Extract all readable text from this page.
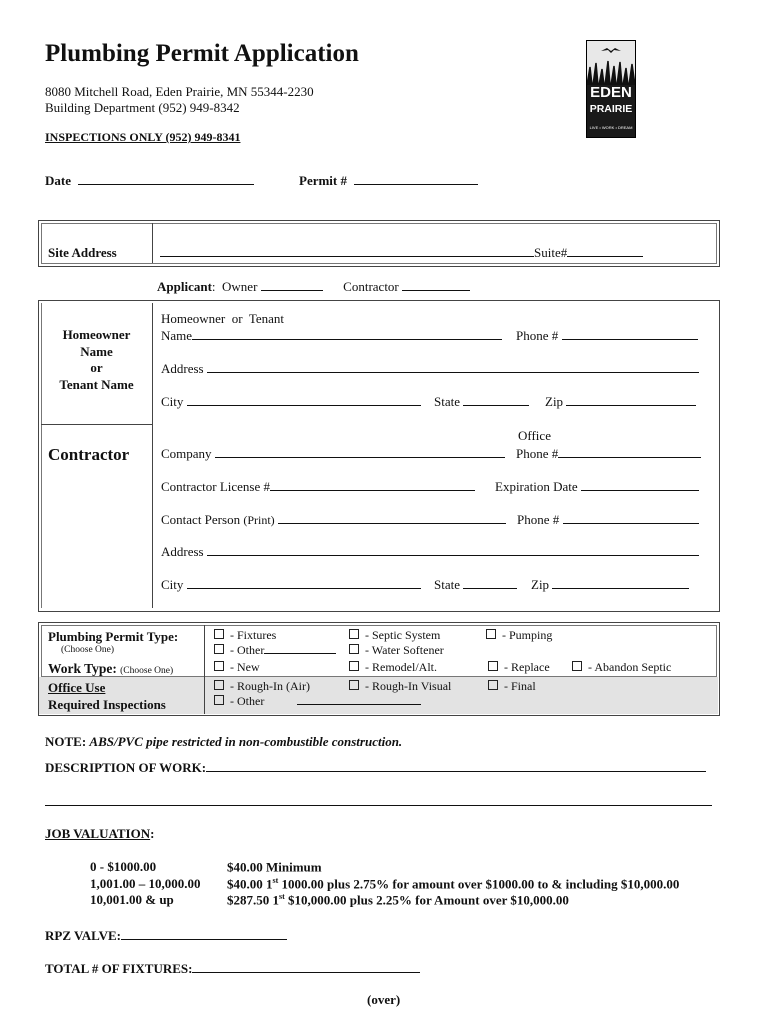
Plumbing Permit Application
8080 Mitchell Road, Eden Prairie, MN 55344-2230
Building Department (952) 949-8342
INSPECTIONS ONLY (952) 949-8341
EDEN
PRAIRIE
LIVE • WORK • DREAM
Date	Permit #
Site Address	Suite#
Applicant:  Owner	Contractor
Homeowner
Name
or
Tenant Name
Homeowner  or  Tenant
Name	Phone #
Address
City	State	Zip
Contractor
Office
Company	Phone #
Contractor License #	Expiration Date
Contact Person (Print)	Phone #
Address
City	State	Zip
Plumbing Permit Type:
(Choose One)
- Fixtures	- Septic System	- Pumping
- Other	- Water Softener
Work Type: (Choose One)	- New	- Remodel/Alt.	- Replace	- Abandon Septic
Office Use
Required Inspections
- Rough-In (Air)	- Rough-In Visual	- Final
- Other
NOTE: ABS/PVC pipe restricted in non-combustible construction.
DESCRIPTION OF WORK:
JOB VALUATION:
0 - $1000.00	$40.00 Minimum
1,001.00 – 10,000.00 $40.00 1st 1000.00 plus 2.75% for amount over $1000.00 to & including $10,000.00
10,001.00 & up	$287.50 1st $10,000.00 plus 2.25% for Amount over $10,000.00
RPZ VALVE:
TOTAL # OF FIXTURES:
(over)
